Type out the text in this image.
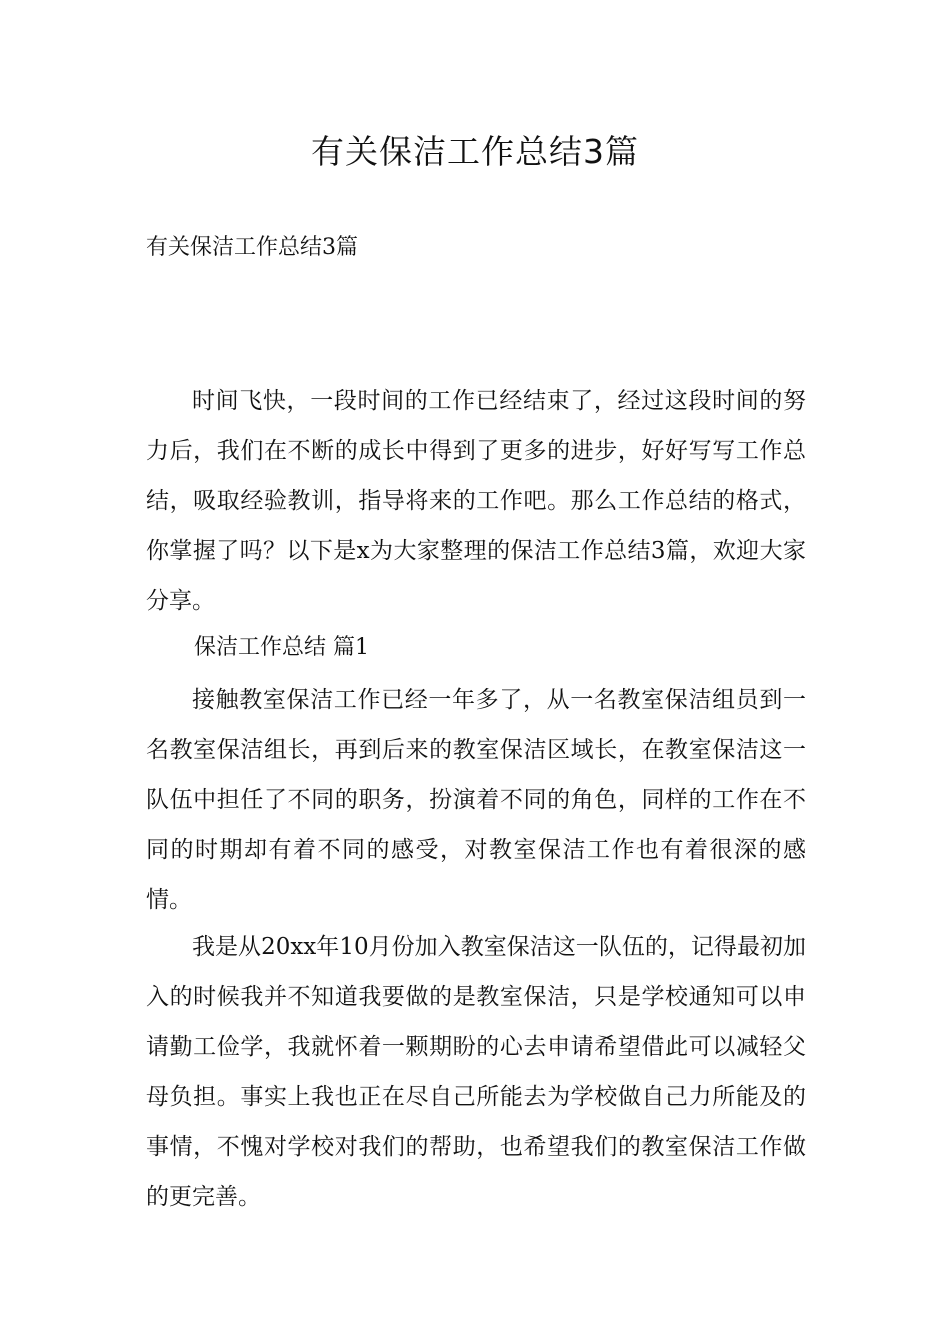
有关保洁工作总结3篇

有关保洁工作总结3篇

时间飞快，一段时间的工作已经结束了，经过这段时间的努力后，我们在不断的成长中得到了更多的进步，好好写写工作总结，吸取经验教训，指导将来的工作吧。那么工作总结的格式，你掌握了吗？以下是x为大家整理的保洁工作总结3篇，欢迎大家分享。

保洁工作总结 篇1

接触教室保洁工作已经一年多了，从一名教室保洁组员到一名教室保洁组长，再到后来的教室保洁区域长，在教室保洁这一队伍中担任了不同的职务，扮演着不同的角色，同样的工作在不同的时期却有着不同的感受，对教室保洁工作也有着很深的感情。

我是从20xx年10月份加入教室保洁这一队伍的，记得最初加入的时候我并不知道我要做的是教室保洁，只是学校通知可以申请勤工俭学，我就怀着一颗期盼的心去申请希望借此可以减轻父母负担。事实上我也正在尽自己所能去为学校做自己力所能及的事情，不愧对学校对我们的帮助，也希望我们的教室保洁工作做的更完善。
